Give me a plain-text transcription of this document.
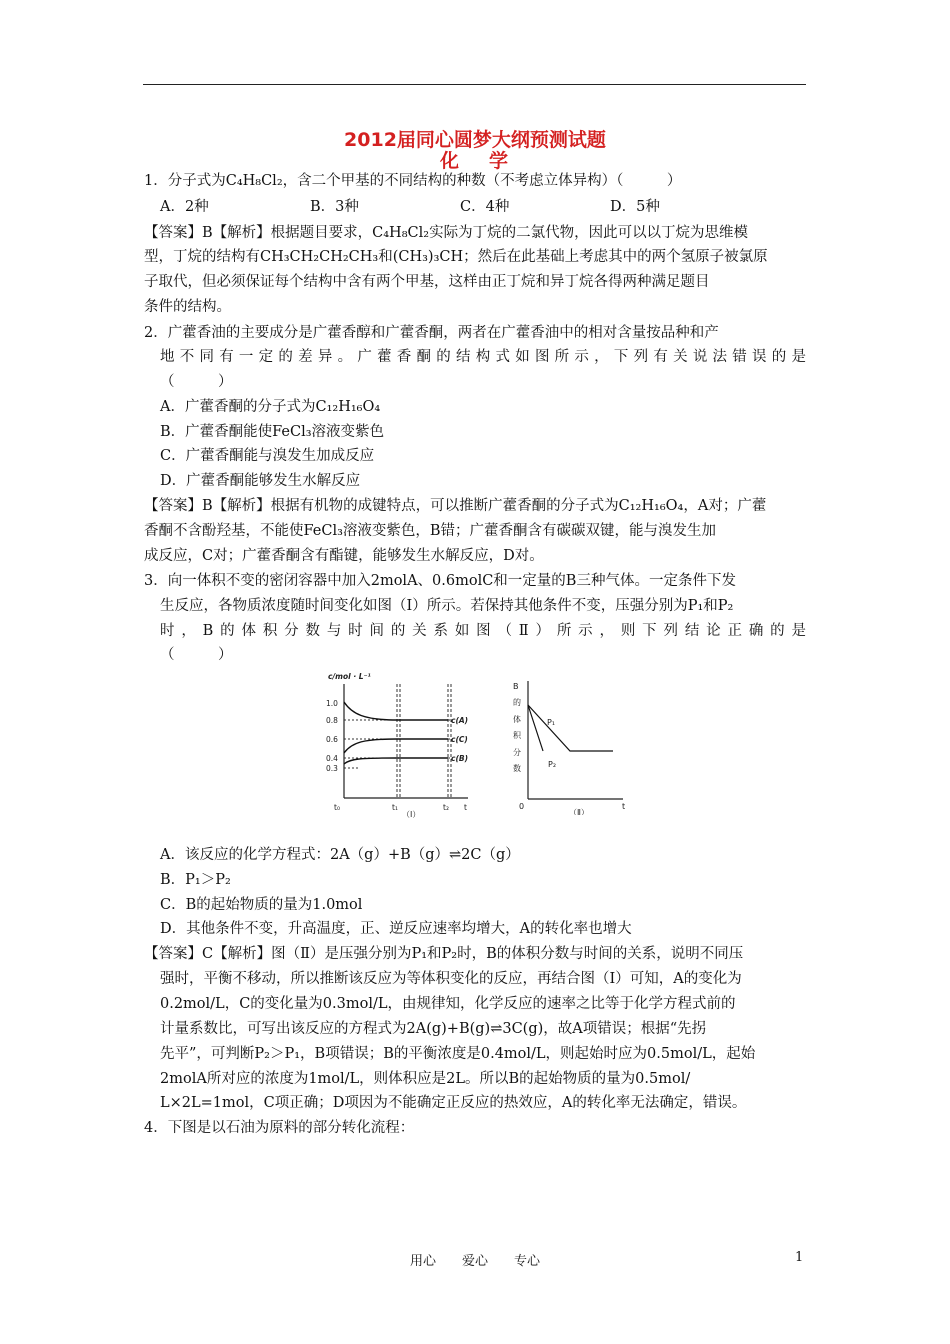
2012届同心圆梦大纲预测试题
化 学
1．分子式为C₄H₈Cl₂，含二个甲基的不同结构的种数（不考虑立体异构）（　　　）
A．2种	B．3种	C．4种	D．5种
【答案】B【解析】根据题目要求，C₄H₈Cl₂实际为丁烷的二氯代物，因此可以以丁烷为思维模
型，丁烷的结构有CH₃CH₂CH₂CH₃和(CH₃)₃CH；然后在此基础上考虑其中的两个氢原子被氯原
子取代，但必须保证每个结构中含有两个甲基，这样由正丁烷和异丁烷各得两种满足题目
条件的结构。
2．广藿香油的主要成分是广藿香醇和广藿香酮，两者在广藿香油中的相对含量按品种和产
地不同有一定的差异。广藿香酮的结构式如图所示，下列有关说法错误的是
（　　　）
A．广藿香酮的分子式为C₁₂H₁₆O₄
B．广藿香酮能使FeCl₃溶液变紫色
C．广藿香酮能与溴发生加成反应
D．广藿香酮能够发生水解反应
【答案】B【解析】根据有机物的成键特点，可以推断广藿香酮的分子式为C₁₂H₁₆O₄，A对；广藿
香酮不含酚羟基，不能使FeCl₃溶液变紫色，B错；广藿香酮含有碳碳双键，能与溴发生加
成反应，C对；广藿香酮含有酯键，能够发生水解反应，D对。
3．向一体积不变的密闭容器中加入2molA、0.6molC和一定量的B三种气体。一定条件下发
生反应，各物质浓度随时间变化如图（Ⅰ）所示。若保持其他条件不变，压强分别为P₁和P₂
时，B的体积分数与时间的关系如图（Ⅱ）所示，则下列结论正确的是
（　　　）
c/mol · L⁻¹
1.0
0.8
0.6
0.4
0.3
c(A)
c(C)
c(B)
t₀	t₁	t₂ t
（Ⅰ）
B
的
体
积
分
数
0	t
P₁
P₂
（Ⅱ）
A．该反应的化学方程式：2A（g）+B（g）⇌2C（g）
B．P₁＞P₂
C．B的起始物质的量为1.0mol
D．其他条件不变，升高温度，正、逆反应速率均增大，A的转化率也增大
【答案】C【解析】图（Ⅱ）是压强分别为P₁和P₂时，B的体积分数与时间的关系，说明不同压
强时，平衡不移动，所以推断该反应为等体积变化的反应，再结合图（Ⅰ）可知，A的变化为
0.2mol/L，C的变化量为0.3mol/L，由规律知，化学反应的速率之比等于化学方程式前的
计量系数比，可写出该反应的方程式为2A(g)+B(g)⇌3C(g)，故A项错误；根据“先拐
先平”，可判断P₂＞P₁，B项错误；B的平衡浓度是0.4mol/L，则起始时应为0.5mol/L，起始
2molA所对应的浓度为1mol/L，则体积应是2L。所以B的起始物质的量为0.5mol/
L×2L=1mol，C项正确；D项因为不能确定正反应的热效应，A的转化率无法确定，错误。
4．下图是以石油为原料的部分转化流程：
用心　　爱心　　专心	1
